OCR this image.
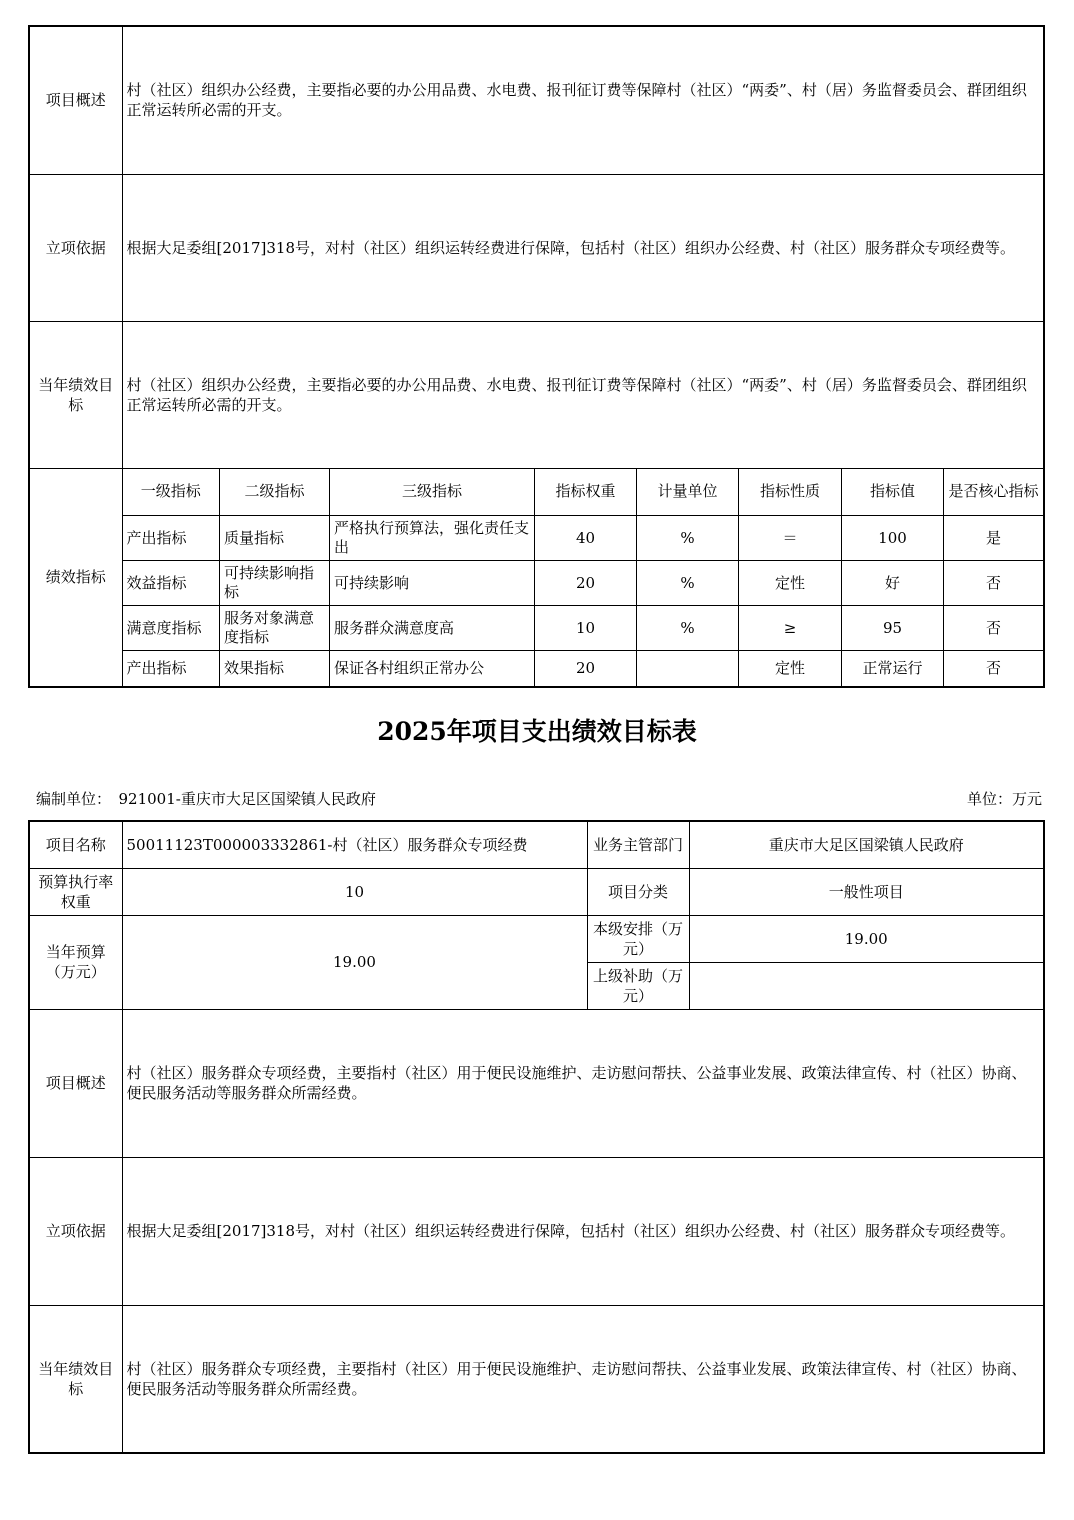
项目概述	村（社区）组织办公经费，主要指必要的办公用品费、水电费、报刊征订费等保障村（社区）“两委”、村（居）务监督委员会、群团组织正常运转所必需的开支。
立项依据	根据大足委组[2017]318号，对村（社区）组织运转经费进行保障，包括村（社区）组织办公经费、村（社区）服务群众专项经费等。
当年绩效目标	村（社区）组织办公经费，主要指必要的办公用品费、水电费、报刊征订费等保障村（社区）“两委”、村（居）务监督委员会、群团组织正常运转所必需的开支。
绩效指标	
一级指标	二级指标	三级指标	指标权重	计量单位	指标性质	指标值	是否核心指标
产出指标	质量指标	严格执行预算法，强化责任支出	40	%	＝	100	是
效益指标	可持续影响指标	可持续影响	20	%	定性	好	否
满意度指标	服务对象满意度指标	服务群众满意度高	10	%	≥	95	否
产出指标	效果指标	保证各村组织正常办公	20		定性	正常运行	否
2025年项目支出绩效目标表
编制单位：　921001-重庆市大足区国梁镇人民政府	单位：万元
项目名称	50011123T000003332861-村（社区）服务群众专项经费	业务主管部门	重庆市大足区国梁镇人民政府
预算执行率权重	10	项目分类	一般性项目
当年预算（万元）	19.00	本级安排（万元）	19.00
		上级补助（万元）	
项目概述	村（社区）服务群众专项经费，主要指村（社区）用于便民设施维护、走访慰问帮扶、公益事业发展、政策法律宣传、村（社区）协商、便民服务活动等服务群众所需经费。		
立项依据	根据大足委组[2017]318号，对村（社区）组织运转经费进行保障，包括村（社区）组织办公经费、村（社区）服务群众专项经费等。		
当年绩效目标	村（社区）服务群众专项经费，主要指村（社区）用于便民设施维护、走访慰问帮扶、公益事业发展、政策法律宣传、村（社区）协商、便民服务活动等服务群众所需经费。		
